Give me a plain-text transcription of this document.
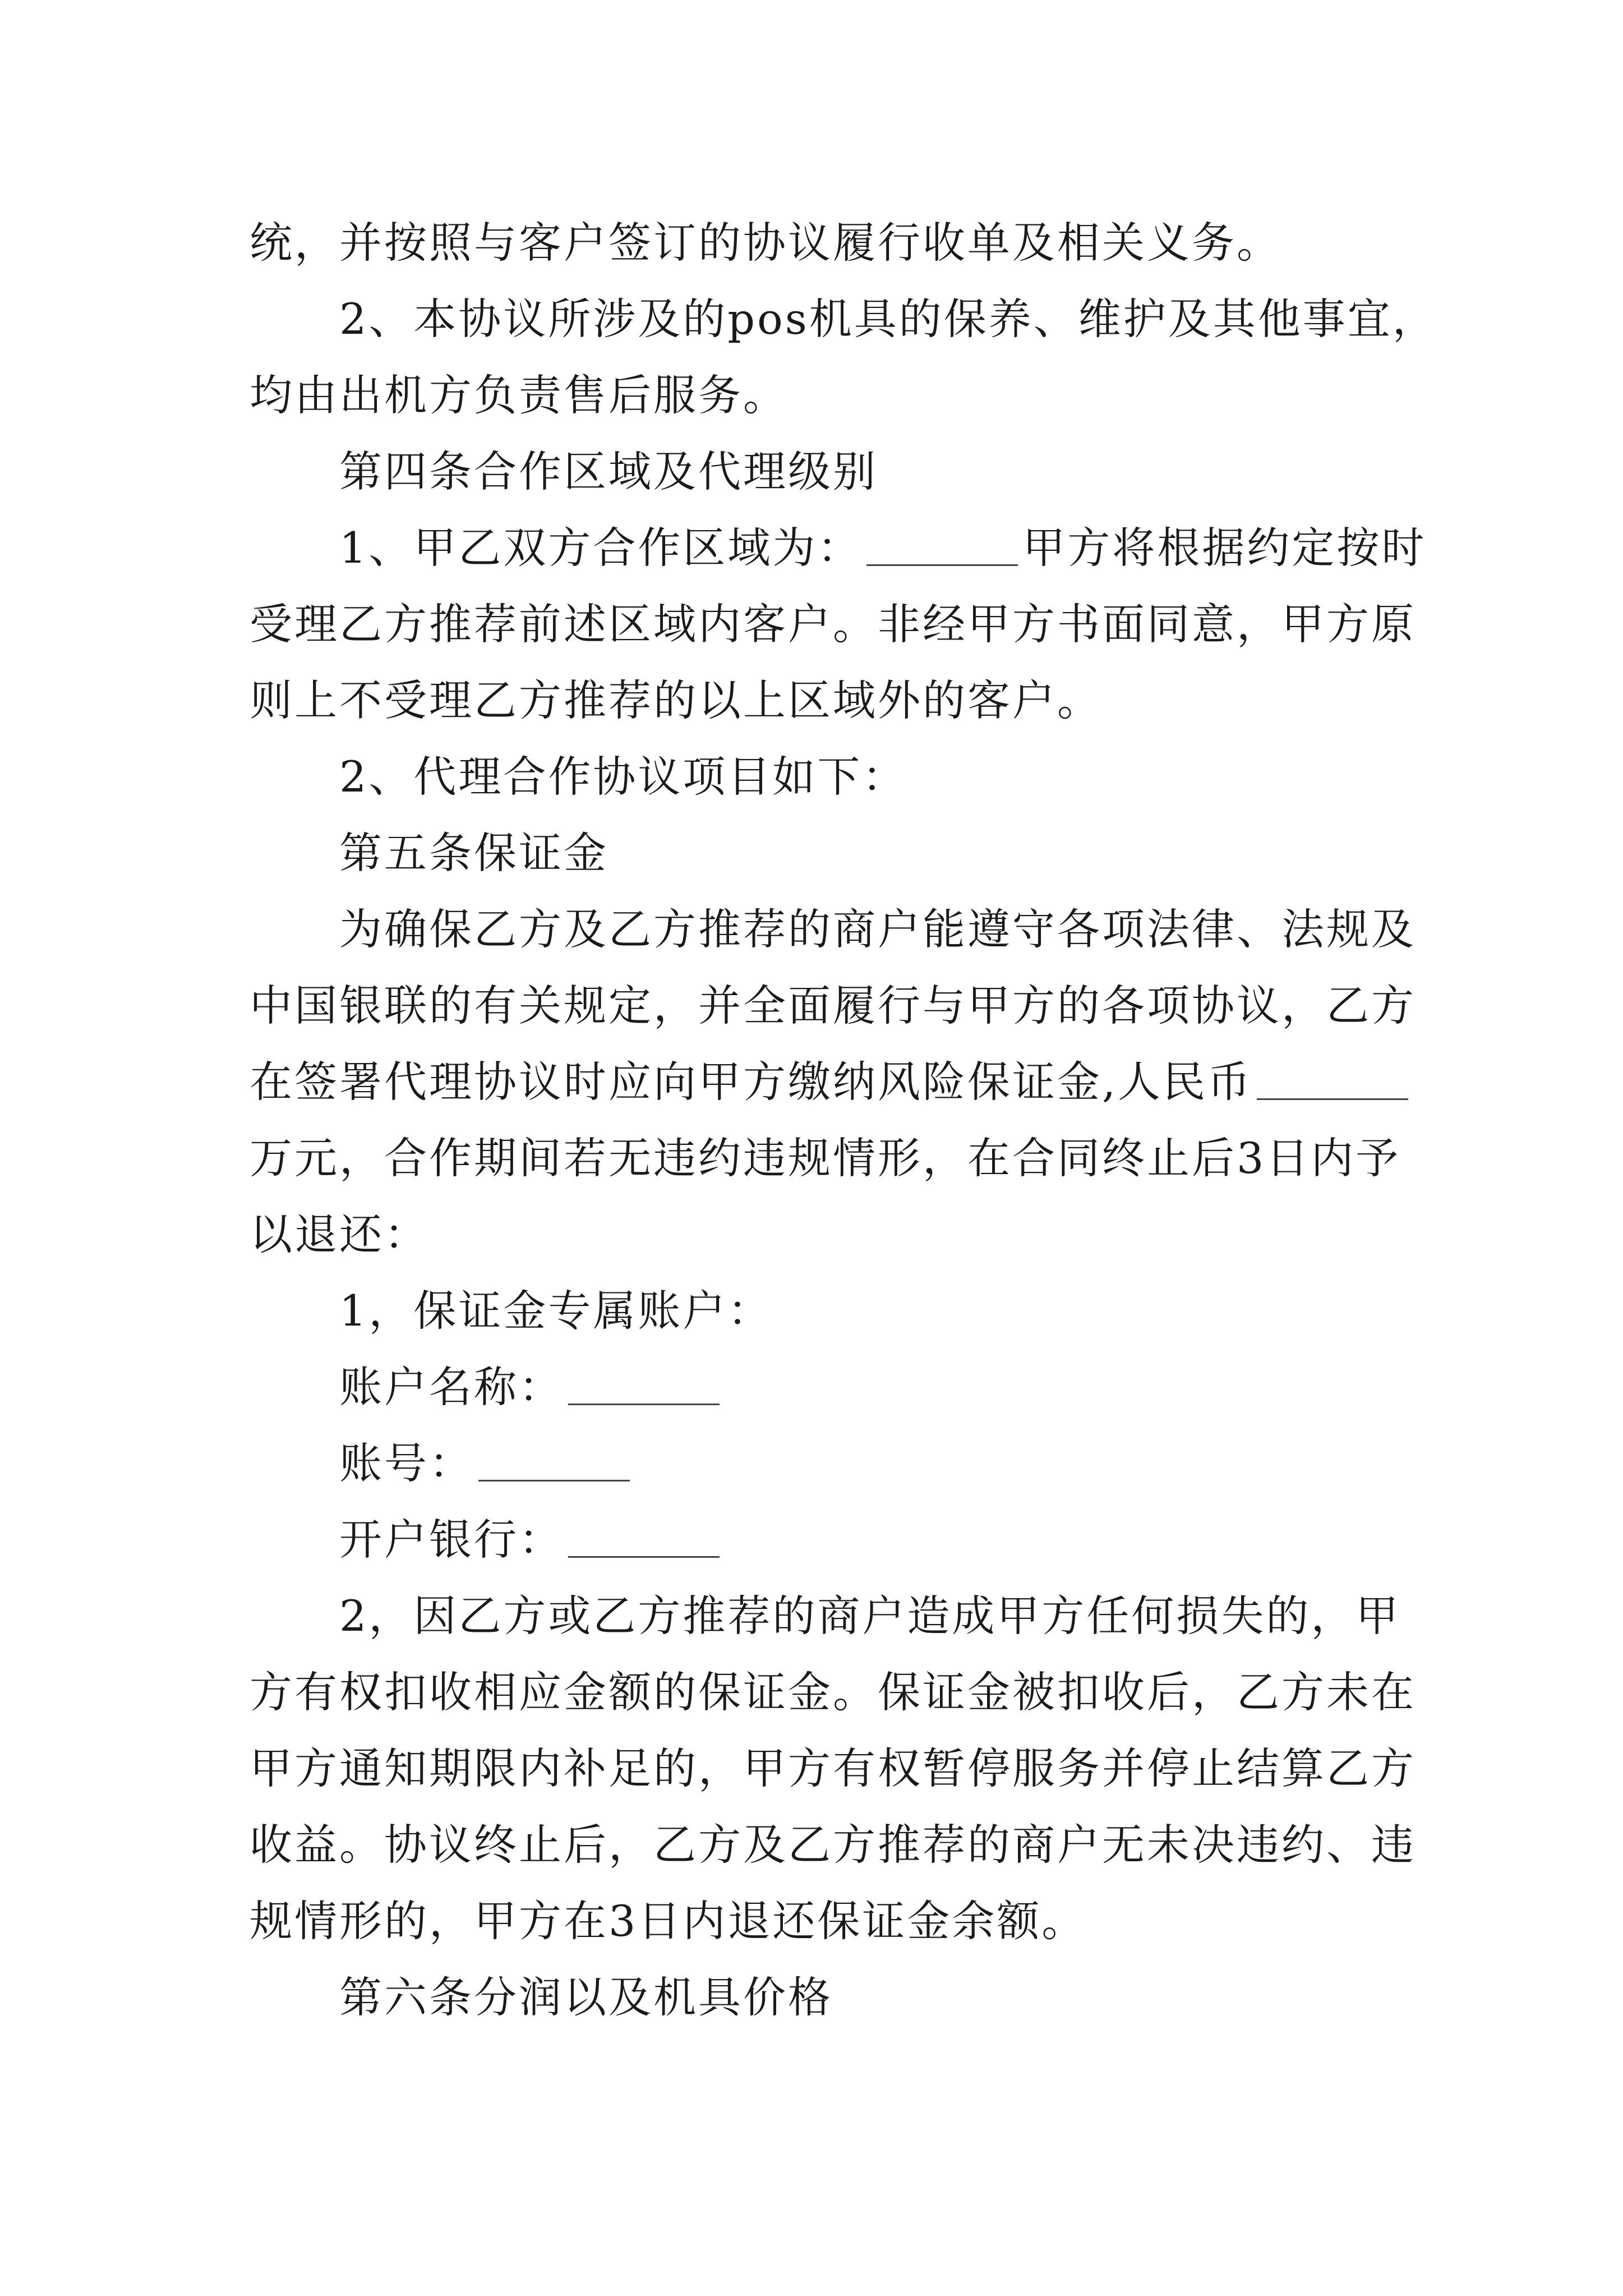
统，并按照与客户签订的协议履行收单及相关义务。
2、本协议所涉及的pos机具的保养、维护及其他事宜，
均由出机方负责售后服务。
第四条合作区域及代理级别
1、甲乙双方合作区域为：	甲方将根据约定按时
受理乙方推荐前述区域内客户。非经甲方书面同意，甲方原
则上不受理乙方推荐的以上区域外的客户。
2、代理合作协议项目如下：
第五条保证金
为确保乙方及乙方推荐的商户能遵守各项法律、法规及
中国银联的有关规定，并全面履行与甲方的各项协议，乙方
在签署代理协议时应向甲方缴纳风险保证金,人民币
万元，合作期间若无违约违规情形，在合同终止后3日内予
以退还：
1，保证金专属账户：
账户名称：
账号：
开户银行：
2，因乙方或乙方推荐的商户造成甲方任何损失的，甲
方有权扣收相应金额的保证金。保证金被扣收后，乙方未在
甲方通知期限内补足的，甲方有权暂停服务并停止结算乙方
收益。协议终止后，乙方及乙方推荐的商户无未决违约、违
规情形的，甲方在3日内退还保证金余额。
第六条分润以及机具价格
